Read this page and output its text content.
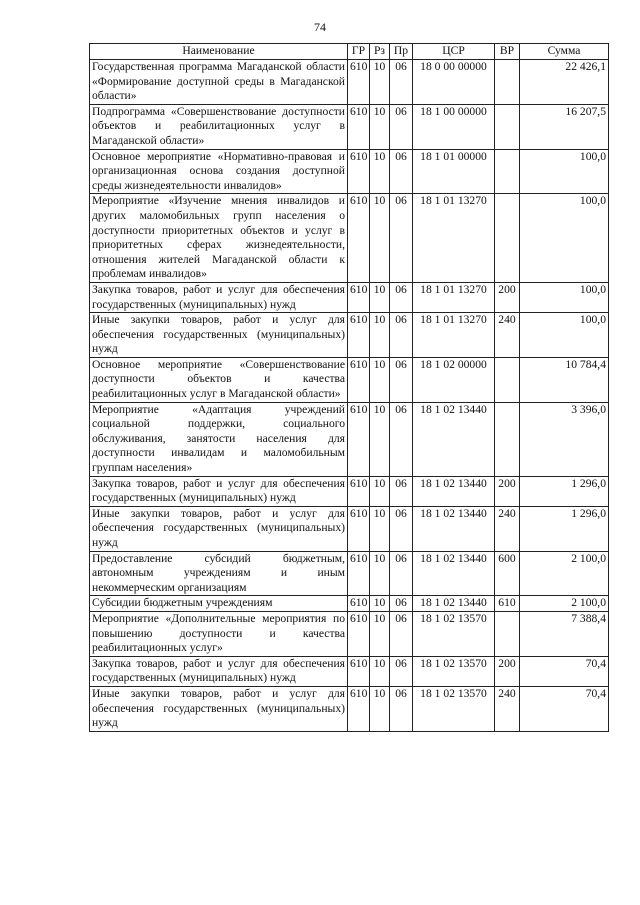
74
Наименование	ГР	Рз	Пр	ЦСР	ВР	Сумма
Государственная программа Магаданской области «Формирование доступной среды в Магаданской области»	610	10	06	18 0 00 00000		22 426,1
Подпрограмма «Совершенствование доступности объектов и реабилитационных услуг в Магаданской области»	610	10	06	18 1 00 00000		16 207,5
Основное мероприятие «Нормативно-правовая и организационная основа создания доступной среды жизнедеятельности инвалидов»	610	10	06	18 1 01 00000		100,0
Мероприятие «Изучение мнения инвалидов и других маломобильных групп населения о доступности приоритетных объектов и услуг в приоритетных сферах жизнедеятельности, отношения жителей Магаданской области к проблемам инвалидов»	610	10	06	18 1 01 13270		100,0
Закупка товаров, работ и услуг для обеспечения государственных (муниципальных) нужд	610	10	06	18 1 01 13270	200	100,0
Иные закупки товаров, работ и услуг для обеспечения государственных (муниципальных) нужд	610	10	06	18 1 01 13270	240	100,0
Основное мероприятие «Совершенствование доступности объектов и качества реабилитационных услуг в Магаданской области»	610	10	06	18 1 02 00000		10 784,4
Мероприятие «Адаптация учреждений социальной поддержки, социального обслуживания, занятости населения для доступности инвалидам и маломобильным группам населения»	610	10	06	18 1 02 13440		3 396,0
Закупка товаров, работ и услуг для обеспечения государственных (муниципальных) нужд	610	10	06	18 1 02 13440	200	1 296,0
Иные закупки товаров, работ и услуг для обеспечения государственных (муниципальных) нужд	610	10	06	18 1 02 13440	240	1 296,0
Предоставление субсидий бюджетным, автономным учреждениям и иным некоммерческим организациям	610	10	06	18 1 02 13440	600	2 100,0
Субсидии бюджетным учреждениям	610	10	06	18 1 02 13440	610	2 100,0
Мероприятие «Дополнительные мероприятия по повышению доступности и качества реабилитационных услуг»	610	10	06	18 1 02 13570		7 388,4
Закупка товаров, работ и услуг для обеспечения государственных (муниципальных) нужд	610	10	06	18 1 02 13570	200	70,4
Иные закупки товаров, работ и услуг для обеспечения государственных (муниципальных) нужд	610	10	06	18 1 02 13570	240	70,4
